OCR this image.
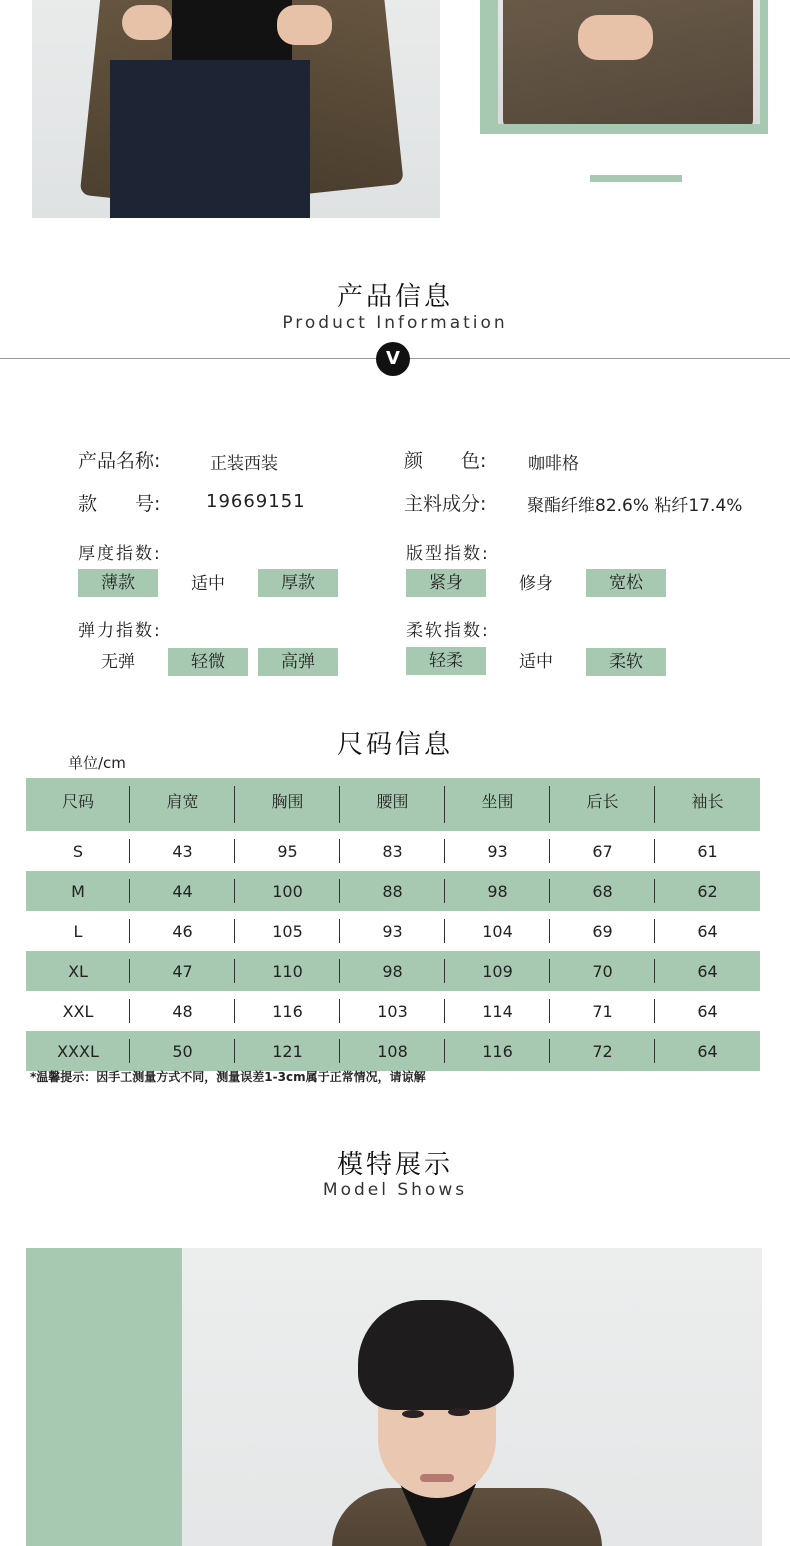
产品信息
Product Information
V
产品名称:	正装西装	颜　　色: 咖啡格
款　　号:	19669151	主料成分: 聚酯纤维82.6% 粘纤17.4%
厚度指数:
薄款	适中	厚款
版型指数:
紧身	修身	宽松
弹力指数:
无弹	轻微	高弹
柔软指数:
轻柔	适中	柔软
尺码信息
单位/cm
尺码	肩宽	胸围	腰围	坐围	后长	袖长
S	43	95	83	93	67	61
M	44	100	88	98	68	62
L	46	105	93	104	69	64
XL	47	110	98	109	70	64
XXL	48	116	103	114	71	64
XXXL	50	121	108	116	72	64
*温馨提示：因手工测量方式不同，测量误差1-3cm属于正常情况，请谅解
模特展示
Model Shows
